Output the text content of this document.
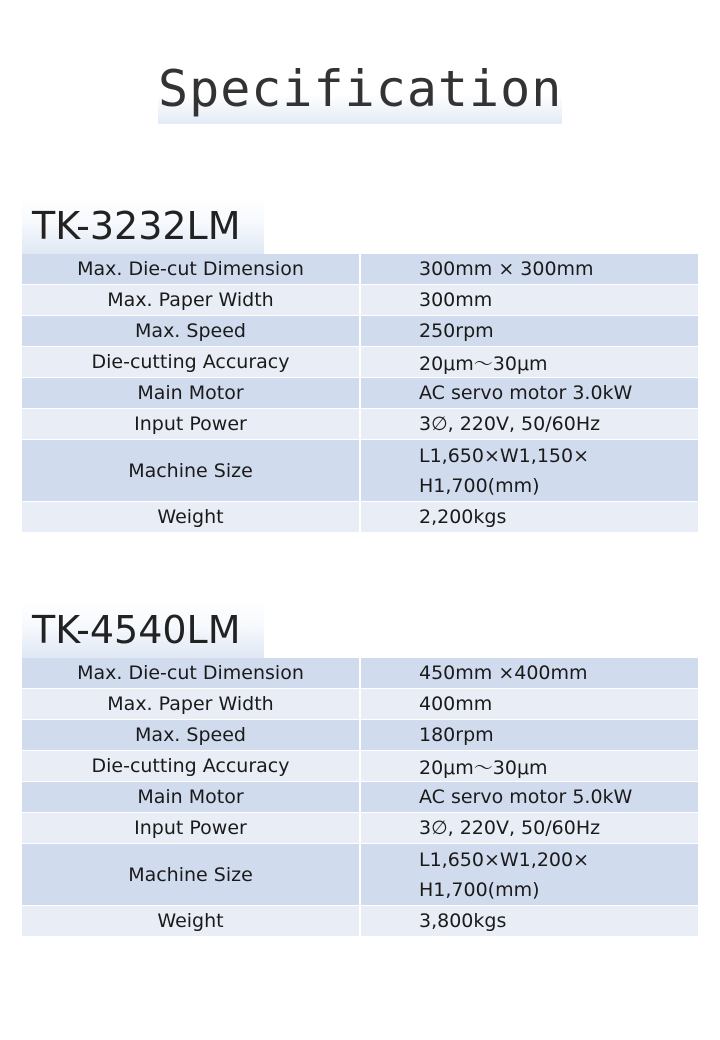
Specification
TK-3232LM
Max. Die-cut Dimension	300mm × 300mm
Max. Paper Width	300mm
Max. Speed	250rpm
Die-cutting Accuracy	20μm～30μm
Main Motor	AC servo motor 3.0kW
Input Power	3∅, 220V, 50/60Hz
Machine Size	L1,650×W1,150× H1,700(mm)
Weight	2,200kgs
TK-4540LM
Max. Die-cut Dimension	450mm ×400mm
Max. Paper Width	400mm
Max. Speed	180rpm
Die-cutting Accuracy	20μm～30μm
Main Motor	AC servo motor 5.0kW
Input Power	3∅, 220V, 50/60Hz
Machine Size	L1,650×W1,200× H1,700(mm)
Weight	3,800kgs
